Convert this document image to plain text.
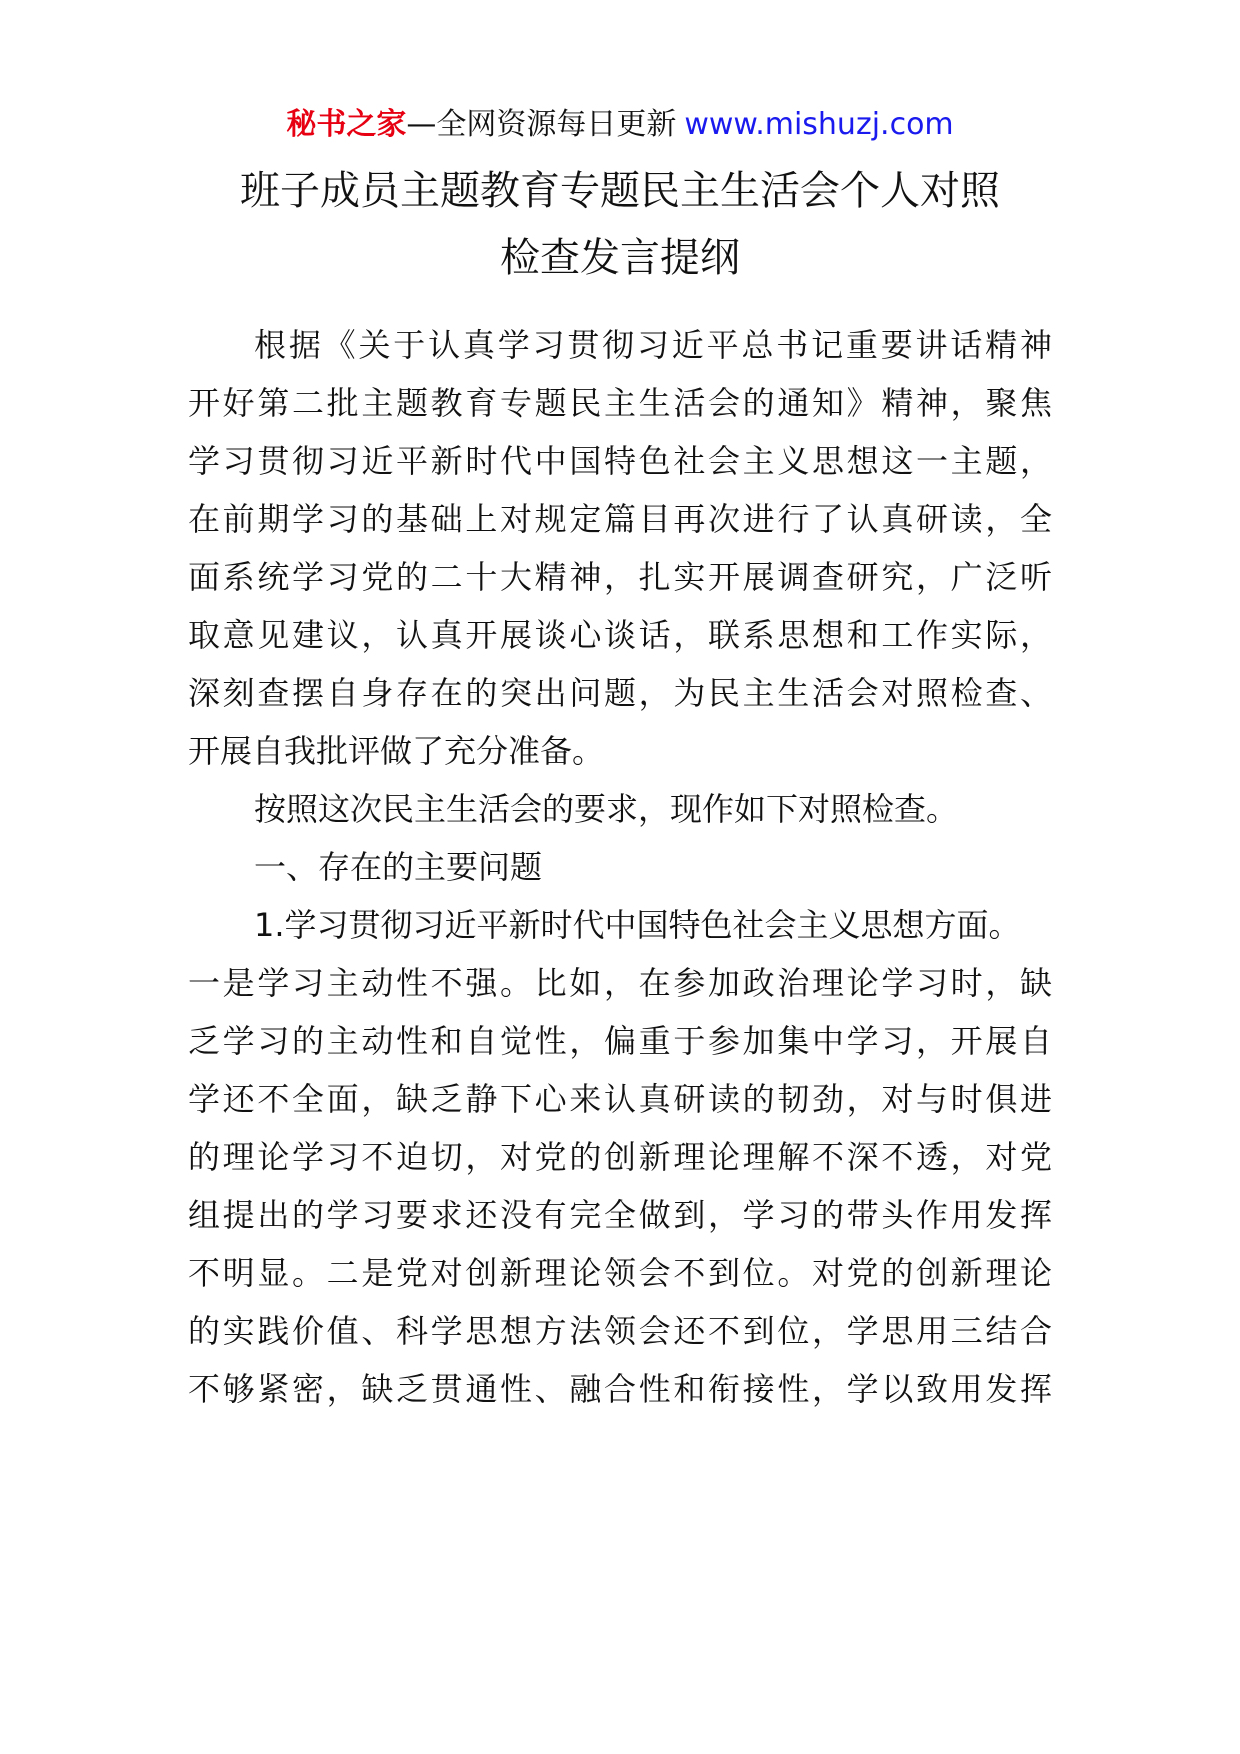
秘书之家—全网资源每日更新 www.mishuzj.com
班子成员主题教育专题民主生活会个人对照
检查发言提纲
根据《关于认真学习贯彻习近平总书记重要讲话精神
开好第二批主题教育专题民主生活会的通知》精神，聚焦
学习贯彻习近平新时代中国特色社会主义思想这一主题，
在前期学习的基础上对规定篇目再次进行了认真研读，全
面系统学习党的二十大精神，扎实开展调查研究，广泛听
取意见建议，认真开展谈心谈话，联系思想和工作实际，
深刻查摆自身存在的突出问题，为民主生活会对照检查、
开展自我批评做了充分准备。
按照这次民主生活会的要求，现作如下对照检查。
一、存在的主要问题
1.学习贯彻习近平新时代中国特色社会主义思想方面。
一是学习主动性不强。比如，在参加政治理论学习时，缺
乏学习的主动性和自觉性，偏重于参加集中学习，开展自
学还不全面，缺乏静下心来认真研读的韧劲，对与时俱进
的理论学习不迫切，对党的创新理论理解不深不透，对党
组提出的学习要求还没有完全做到，学习的带头作用发挥
不明显。二是党对创新理论领会不到位。对党的创新理论
的实践价值、科学思想方法领会还不到位，学思用三结合
不够紧密，缺乏贯通性、融合性和衔接性，学以致用发挥
